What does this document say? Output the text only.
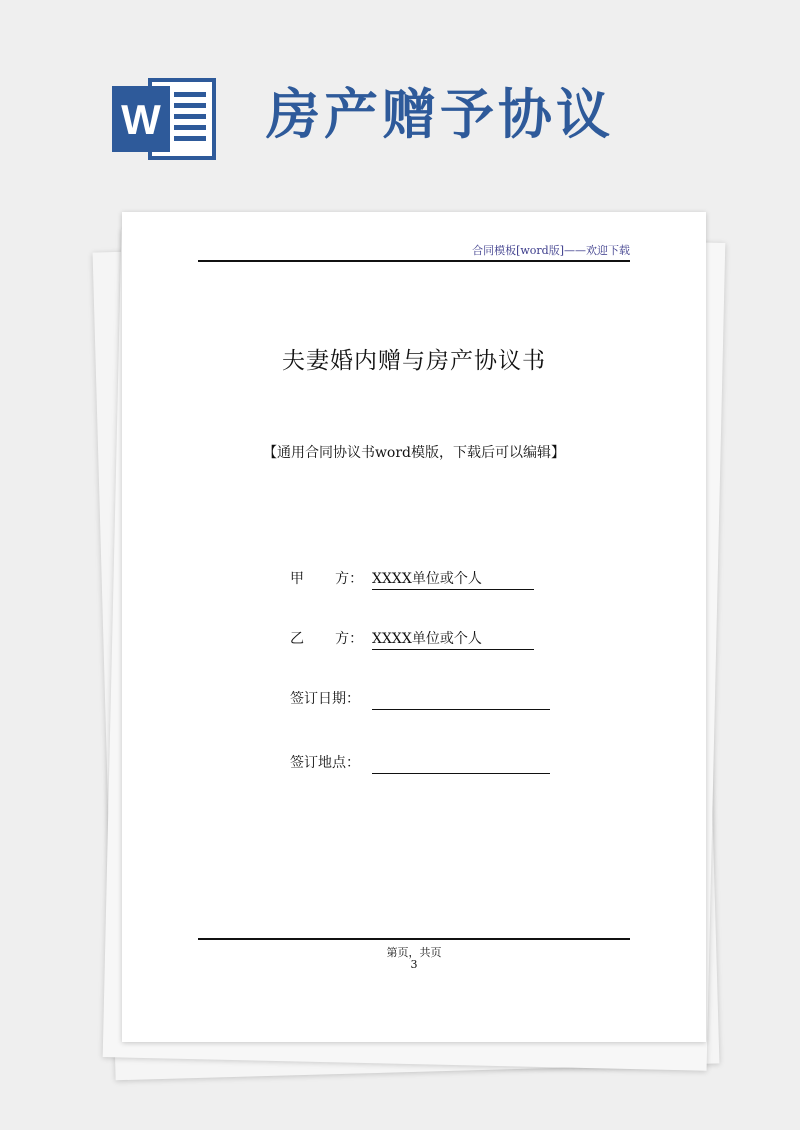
W 房产赠予协议
合同模板[word版]——欢迎下载
夫妻婚内赠与房产协议书
【通用合同协议书word模版，下载后可以编辑】
甲       方： XXXX单位或个人
乙       方： XXXX单位或个人
签订日期：
签订地点：
第页，共页
3
